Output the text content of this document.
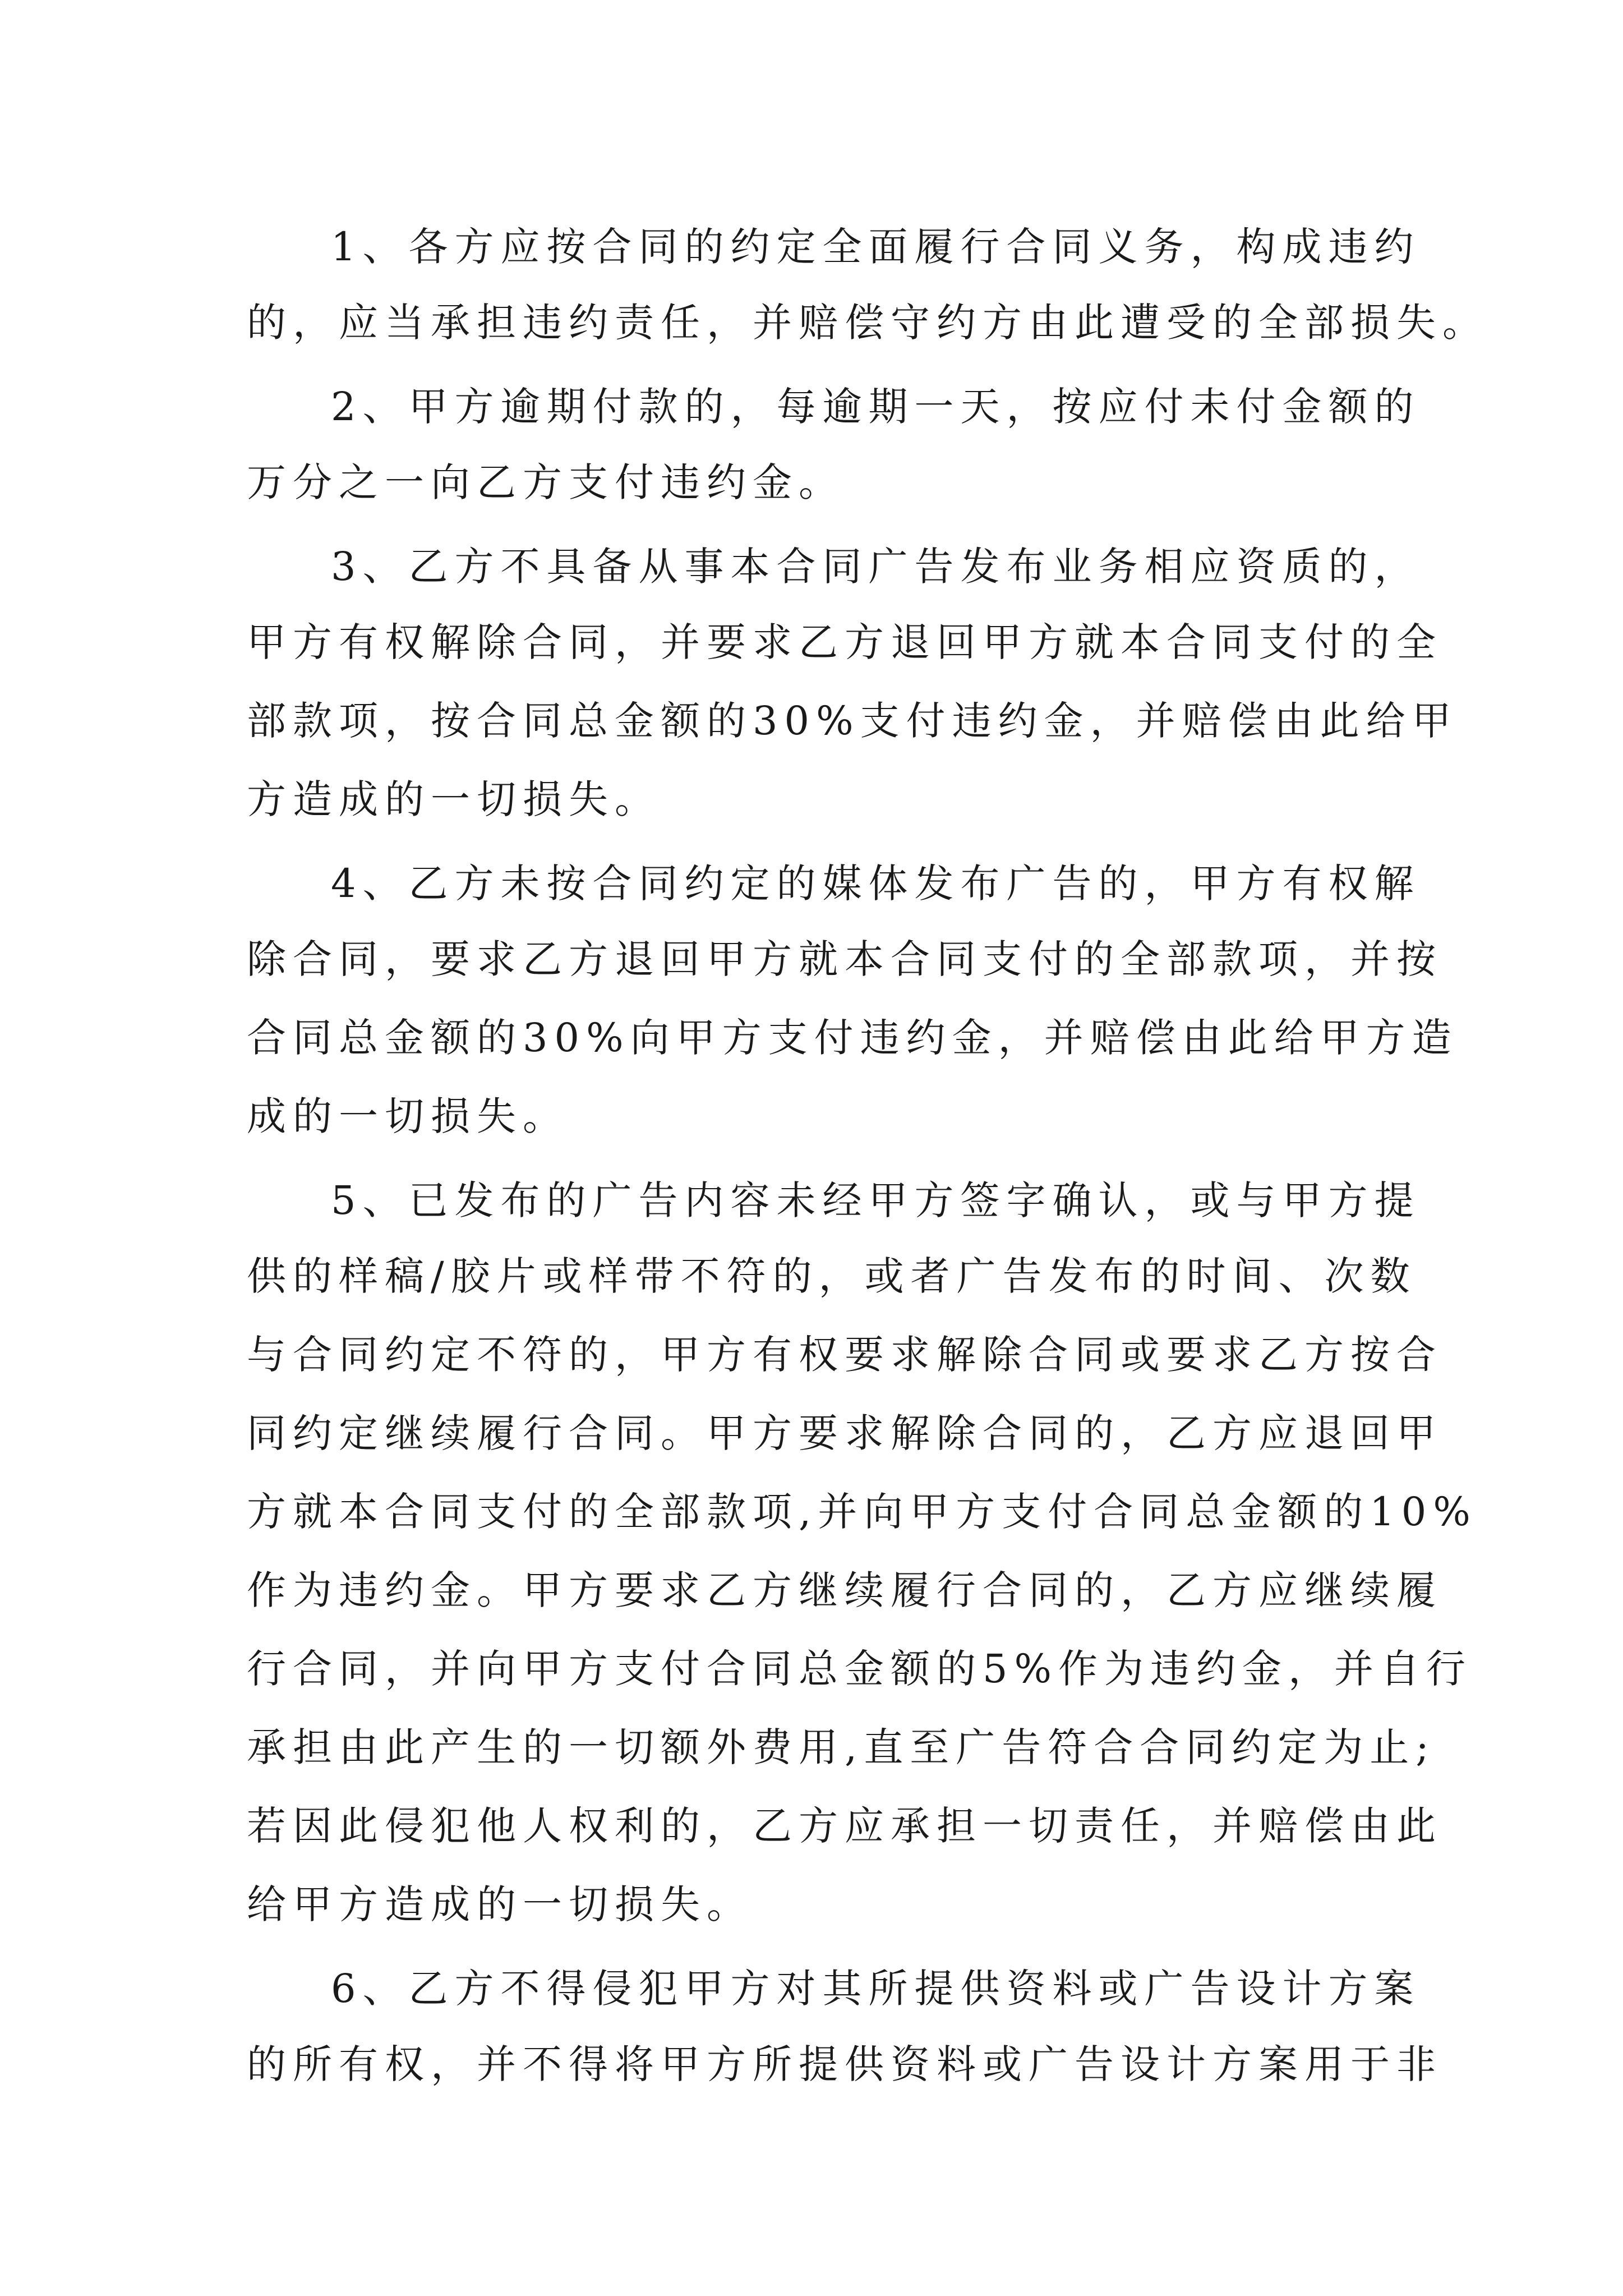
1、各方应按合同的约定全面履行合同义务，构成违约
的，应当承担违约责任，并赔偿守约方由此遭受的全部损失。
2、甲方逾期付款的，每逾期一天，按应付未付金额的
万分之一向乙方支付违约金。
3、乙方不具备从事本合同广告发布业务相应资质的，
甲方有权解除合同，并要求乙方退回甲方就本合同支付的全
部款项，按合同总金额的30%支付违约金，并赔偿由此给甲
方造成的一切损失。
4、乙方未按合同约定的媒体发布广告的，甲方有权解
除合同，要求乙方退回甲方就本合同支付的全部款项，并按
合同总金额的30%向甲方支付违约金，并赔偿由此给甲方造
成的一切损失。
5、已发布的广告内容未经甲方签字确认，或与甲方提
供的样稿/胶片或样带不符的，或者广告发布的时间、次数
与合同约定不符的，甲方有权要求解除合同或要求乙方按合
同约定继续履行合同。甲方要求解除合同的，乙方应退回甲
方就本合同支付的全部款项,并向甲方支付合同总金额的10%
作为违约金。甲方要求乙方继续履行合同的，乙方应继续履
行合同，并向甲方支付合同总金额的5%作为违约金，并自行
承担由此产生的一切额外费用,直至广告符合合同约定为止;
若因此侵犯他人权利的，乙方应承担一切责任，并赔偿由此
给甲方造成的一切损失。
6、乙方不得侵犯甲方对其所提供资料或广告设计方案
的所有权，并不得将甲方所提供资料或广告设计方案用于非
